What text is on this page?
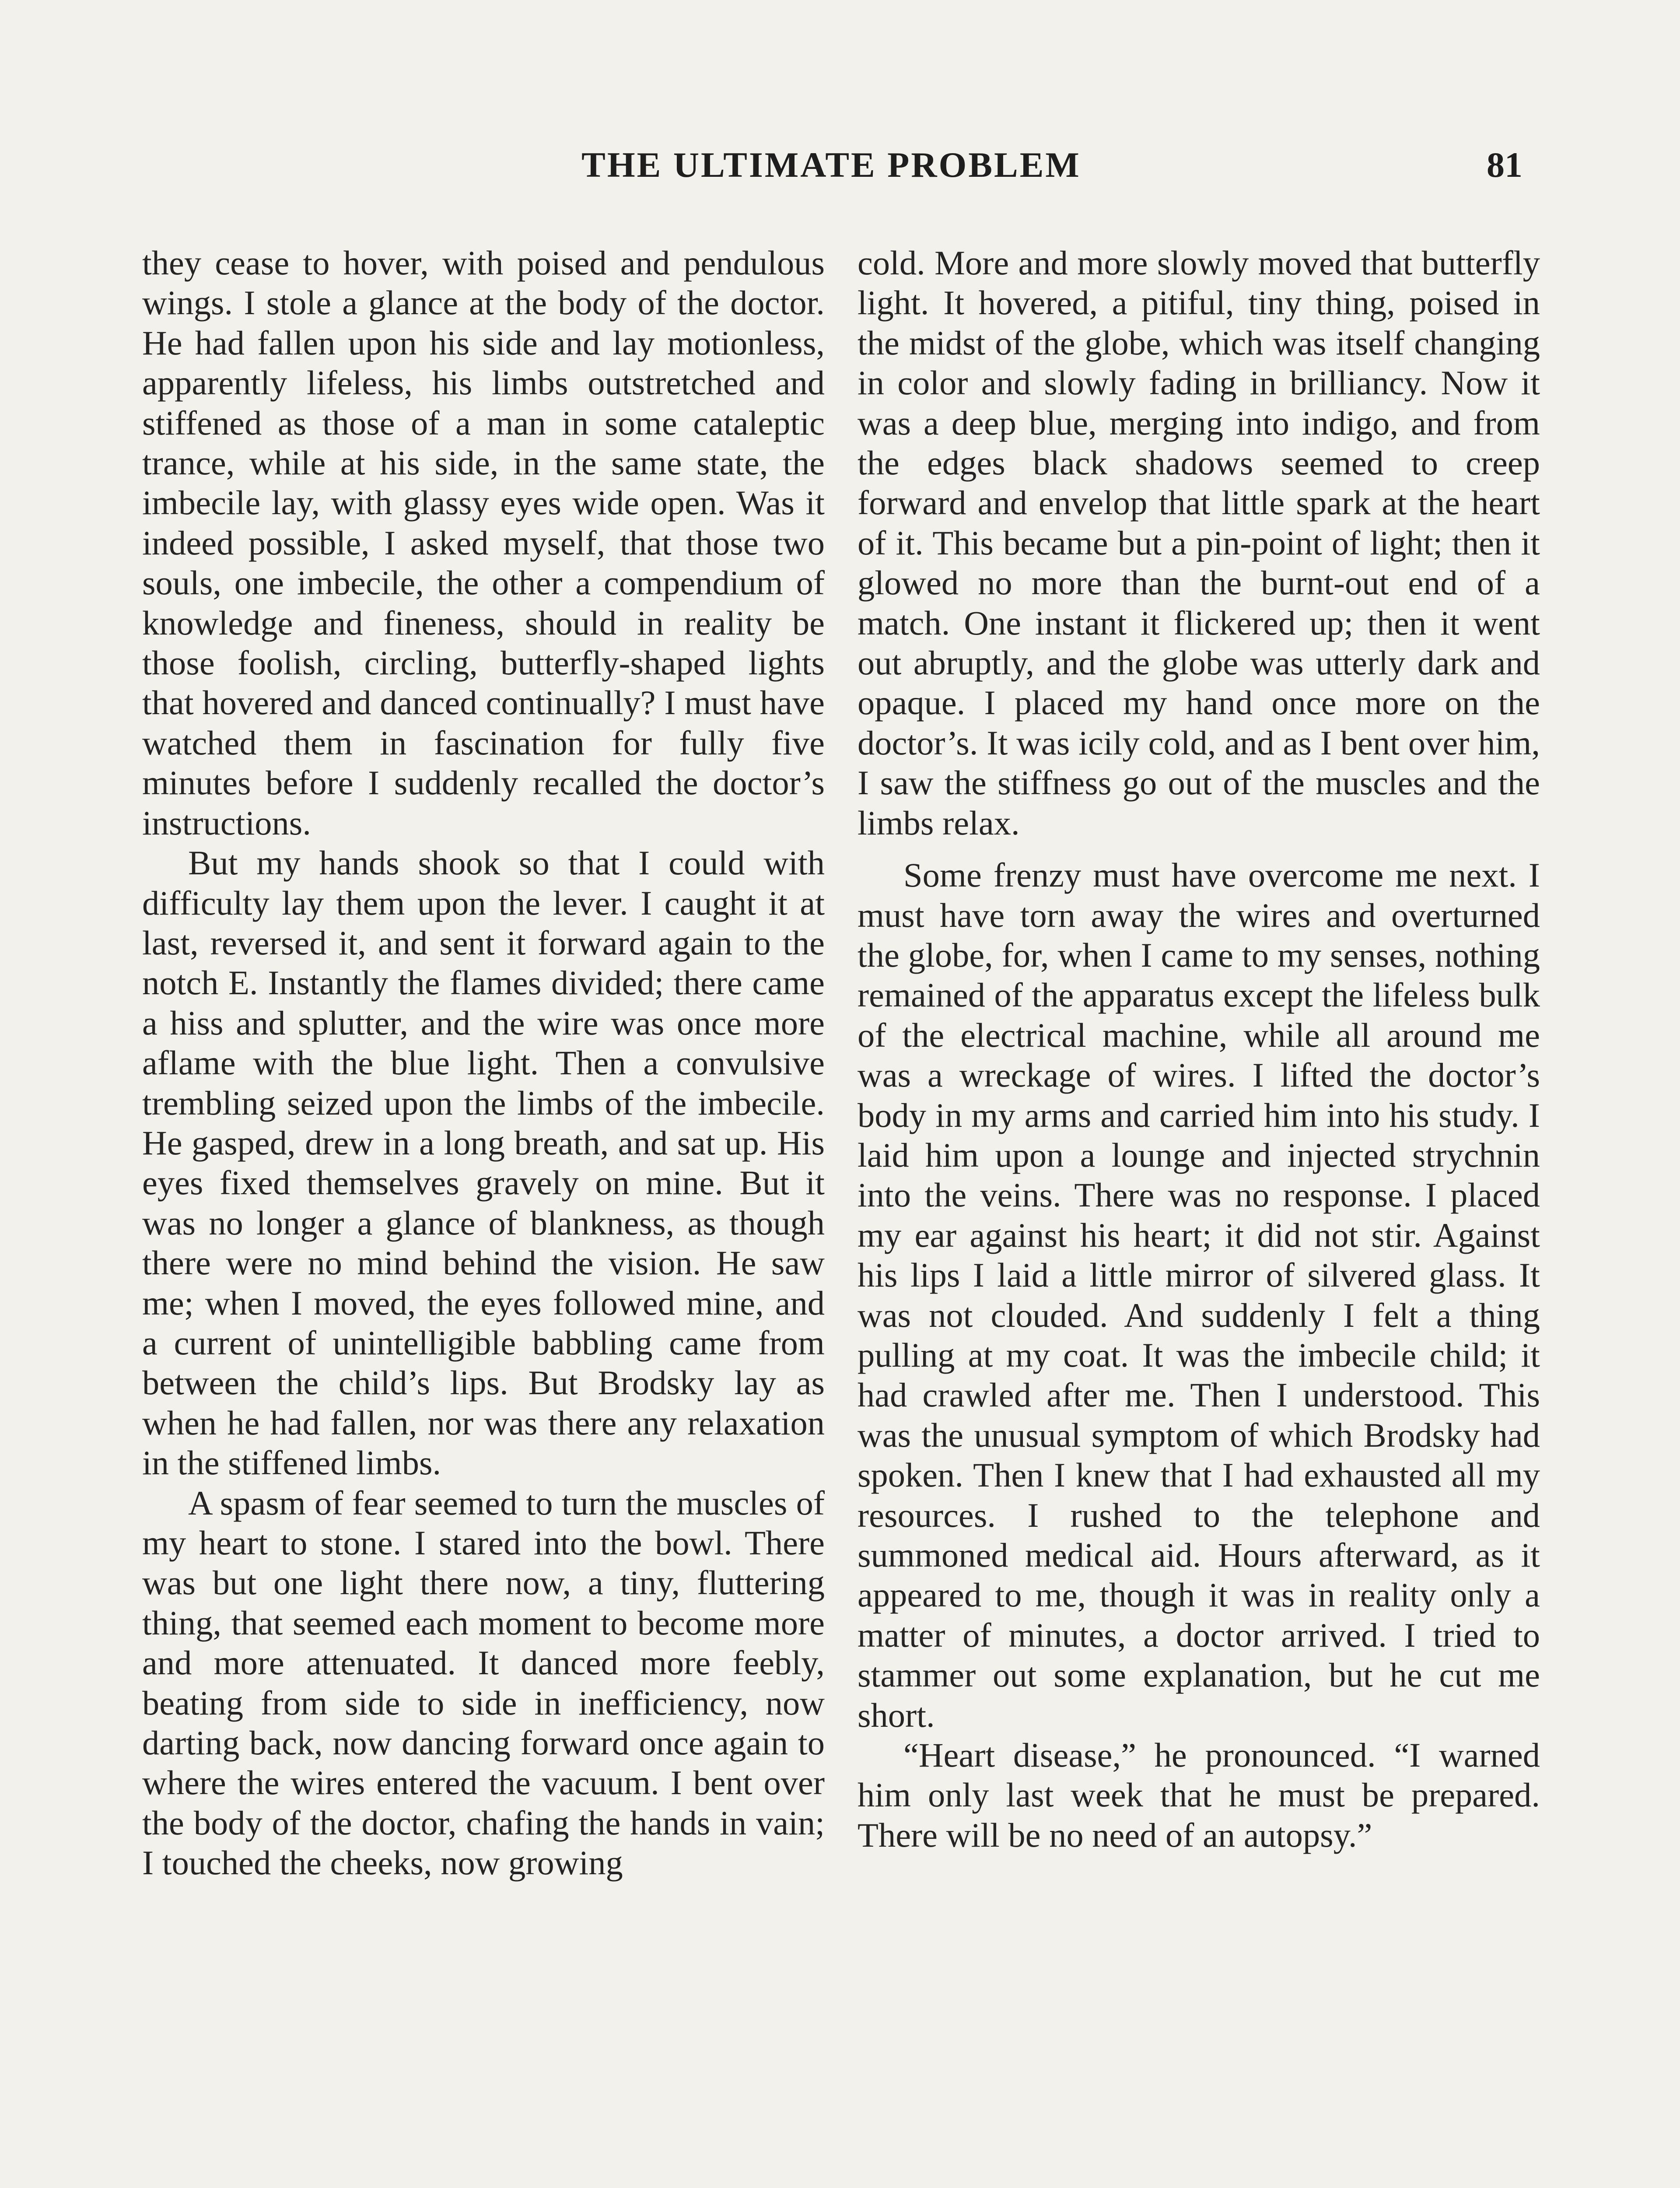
THE ULTIMATE PROBLEM	81

they cease to hover, with poised and pendulous wings. I stole a glance at the body of the doctor. He had fallen upon his side and lay motionless, apparently lifeless, his limbs outstretched and stiffened as those of a man in some cataleptic trance, while at his side, in the same state, the imbecile lay, with glassy eyes wide open. Was it indeed possible, I asked myself, that those two souls, one imbecile, the other a compendium of knowledge and fineness, should in reality be those foolish, circling, butterfly-shaped lights that hovered and danced continually? I must have watched them in fascination for fully five minutes before I suddenly recalled the doctor’s instructions.

But my hands shook so that I could with difficulty lay them upon the lever. I caught it at last, reversed it, and sent it forward again to the notch E. Instantly the flames divided; there came a hiss and splutter, and the wire was once more aflame with the blue light. Then a convulsive trembling seized upon the limbs of the imbecile. He gasped, drew in a long breath, and sat up. His eyes fixed themselves gravely on mine. But it was no longer a glance of blankness, as though there were no mind behind the vision. He saw me; when I moved, the eyes followed mine, and a current of unintelligible babbling came from between the child’s lips. But Brodsky lay as when he had fallen, nor was there any relaxation in the stiffened limbs.

A spasm of fear seemed to turn the muscles of my heart to stone. I stared into the bowl. There was but one light there now, a tiny, fluttering thing, that seemed each moment to become more and more attenuated. It danced more feebly, beating from side to side in inefficiency, now darting back, now dancing forward once again to where the wires entered the vacuum. I bent over the body of the doctor, chafing the hands in vain; I touched the cheeks, now growing

cold. More and more slowly moved that butterfly light. It hovered, a pitiful, tiny thing, poised in the midst of the globe, which was itself changing in color and slowly fading in brilliancy. Now it was a deep blue, merging into indigo, and from the edges black shadows seemed to creep forward and envelop that little spark at the heart of it. This became but a pin-point of light; then it glowed no more than the burnt-out end of a match. One instant it flickered up; then it went out abruptly, and the globe was utterly dark and opaque. I placed my hand once more on the doctor’s. It was icily cold, and as I bent over him, I saw the stiffness go out of the muscles and the limbs relax.

Some frenzy must have overcome me next. I must have torn away the wires and overturned the globe, for, when I came to my senses, nothing remained of the apparatus except the lifeless bulk of the electrical machine, while all around me was a wreckage of wires. I lifted the doctor’s body in my arms and carried him into his study. I laid him upon a lounge and injected strychnin into the veins. There was no response. I placed my ear against his heart; it did not stir. Against his lips I laid a little mirror of silvered glass. It was not clouded. And suddenly I felt a thing pulling at my coat. It was the imbecile child; it had crawled after me. Then I understood. This was the unusual symptom of which Brodsky had spoken. Then I knew that I had exhausted all my resources. I rushed to the telephone and summoned medical aid. Hours afterward, as it appeared to me, though it was in reality only a matter of minutes, a doctor arrived. I tried to stammer out some explanation, but he cut me short.

“Heart disease,” he pronounced. “I warned him only last week that he must be prepared. There will be no need of an autopsy.”
